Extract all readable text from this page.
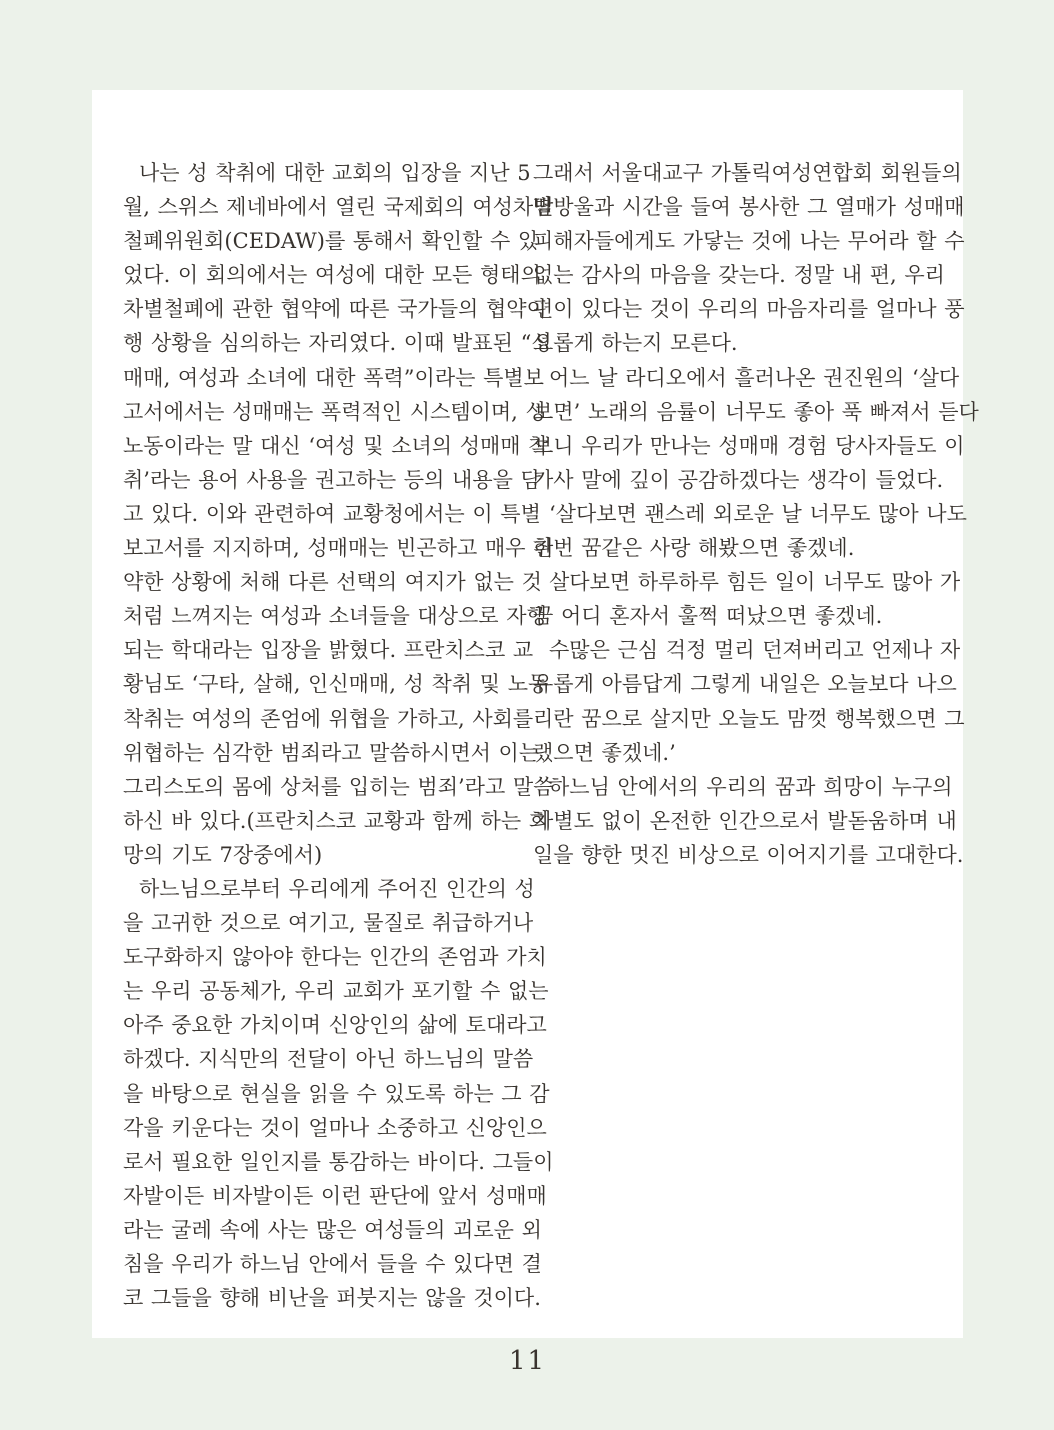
나는 성 착취에 대한 교회의 입장을 지난 5
월, 스위스 제네바에서 열린 국제회의 여성차별
철폐위원회(CEDAW)를 통해서 확인할 수 있
었다. 이 회의에서는 여성에 대한 모든 형태의
차별철폐에 관한 협약에 따른 국가들의 협약이
행 상황을 심의하는 자리였다. 이때 발표된 “성
매매, 여성과 소녀에 대한 폭력”이라는 특별보
고서에서는 성매매는 폭력적인 시스템이며, 성
노동이라는 말 대신 ‘여성 및 소녀의 성매매 착
취’라는 용어 사용을 권고하는 등의 내용을 담
고 있다. 이와 관련하여 교황청에서는 이 특별
보고서를 지지하며, 성매매는 빈곤하고 매우 취
약한 상황에 처해 다른 선택의 여지가 없는 것
처럼 느껴지는 여성과 소녀들을 대상으로 자행
되는 학대라는 입장을 밝혔다. 프란치스코 교
황님도 ‘구타, 살해, 인신매매, 성 착취 및 노동
착취는 여성의 존엄에 위협을 가하고, 사회를
위협하는 심각한 범죄라고 말씀하시면서 이는
그리스도의 몸에 상처를 입히는 범죄’라고 말씀
하신 바 있다.(프란치스코 교황과 함께 하는 희
망의 기도 7장중에서)
하느님으로부터 우리에게 주어진 인간의 성
을 고귀한 것으로 여기고, 물질로 취급하거나
도구화하지 않아야 한다는 인간의 존엄과 가치
는 우리 공동체가, 우리 교회가 포기할 수 없는
아주 중요한 가치이며 신앙인의 삶에 토대라고
하겠다. 지식만의 전달이 아닌 하느님의 말씀
을 바탕으로 현실을 읽을 수 있도록 하는 그 감
각을 키운다는 것이 얼마나 소중하고 신앙인으
로서 필요한 일인지를 통감하는 바이다. 그들이
자발이든 비자발이든 이런 판단에 앞서 성매매
라는 굴레 속에 사는 많은 여성들의 괴로운 외
침을 우리가 하느님 안에서 들을 수 있다면 결
코 그들을 향해 비난을 퍼붓지는 않을 것이다.
그래서 서울대교구 가톨릭여성연합회 회원들의
땀방울과 시간을 들여 봉사한 그 열매가 성매매
피해자들에게도 가닿는 것에 나는 무어라 할 수
없는 감사의 마음을 갖는다. 정말 내 편, 우리
편이 있다는 것이 우리의 마음자리를 얼마나 풍
요롭게 하는지 모른다.
어느 날 라디오에서 흘러나온 권진원의 ‘살다
보면’ 노래의 음률이 너무도 좋아 푹 빠져서 듣다
보니 우리가 만나는 성매매 경험 당사자들도 이
가사 말에 깊이 공감하겠다는 생각이 들었다.
‘살다보면 괜스레 외로운 날 너무도 많아 나도
한번 꿈같은 사랑 해봤으면 좋겠네.
살다보면 하루하루 힘든 일이 너무도 많아 가
끔 어디 혼자서 훌쩍 떠났으면 좋겠네.
수많은 근심 걱정 멀리 던져버리고 언제나 자
유롭게 아름답게 그렇게 내일은 오늘보다 나으
리란 꿈으로 살지만 오늘도 맘껏 행복했으면 그
랬으면 좋겠네.’
하느님 안에서의 우리의 꿈과 희망이 누구의
차별도 없이 온전한 인간으로서 발돋움하며 내
일을 향한 멋진 비상으로 이어지기를 고대한다.
11
